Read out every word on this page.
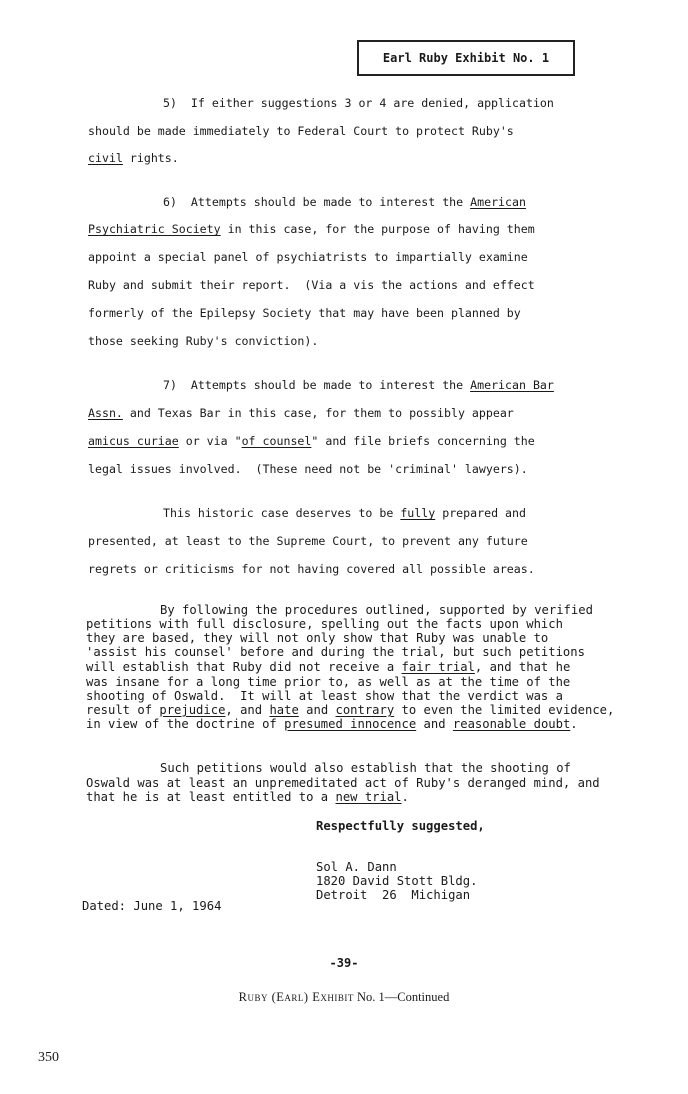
Earl Ruby Exhibit No. 1
5)  If either suggestions 3 or 4 are denied, application
should be made immediately to Federal Court to protect Ruby's
civil rights.
6)  Attempts should be made to interest the American
Psychiatric Society in this case, for the purpose of having them
appoint a special panel of psychiatrists to impartially examine
Ruby and submit their report.  (Via a vis the actions and effect
formerly of the Epilepsy Society that may have been planned by
those seeking Ruby's conviction).
7)  Attempts should be made to interest the American Bar
Assn. and Texas Bar in this case, for them to possibly appear
amicus curiae or via "of counsel" and file briefs concerning the
legal issues involved.  (These need not be 'criminal' lawyers).
This historic case deserves to be fully prepared and
presented, at least to the Supreme Court, to prevent any future
regrets or criticisms for not having covered all possible areas.
By following the procedures outlined, supported by verified
petitions with full disclosure, spelling out the facts upon which
they are based, they will not only show that Ruby was unable to
'assist his counsel' before and during the trial, but such petitions
will establish that Ruby did not receive a fair trial, and that he
was insane for a long time prior to, as well as at the time of the
shooting of Oswald.  It will at least show that the verdict was a
result of prejudice, and hate and contrary to even the limited evidence,
in view of the doctrine of presumed innocence and reasonable doubt.
Such petitions would also establish that the shooting of
Oswald was at least an unpremeditated act of Ruby's deranged mind, and
that he is at least entitled to a new trial.
Respectfully suggested,
Sol A. Dann
1820 David Stott Bldg.
Detroit  26  Michigan
Dated: June 1, 1964
-39-
Ruby (Earl) Exhibit No. 1—Continued
350
